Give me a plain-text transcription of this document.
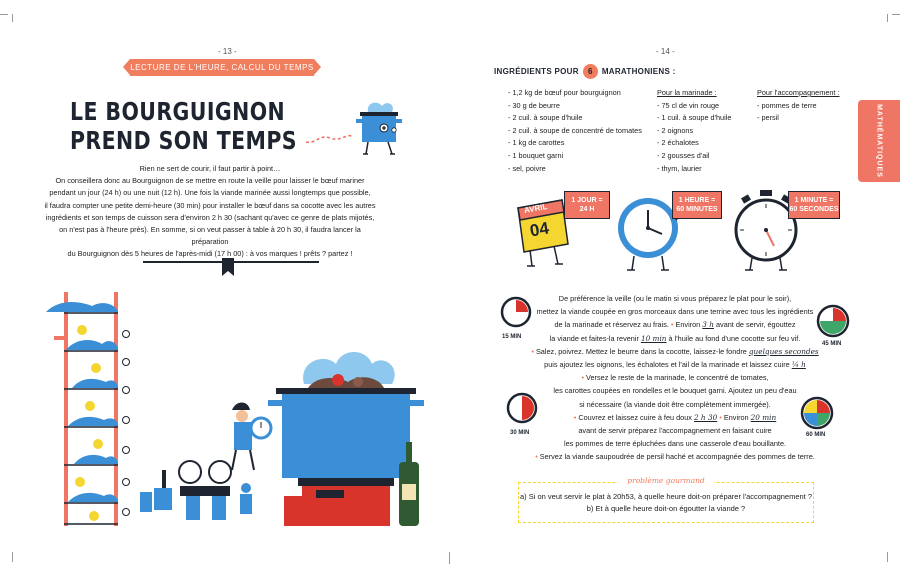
- 13 -
LECTURE DE L'HEURE, CALCUL DU TEMPS
LE BOURGUIGNON
PREND SON TEMPS
Rien ne sert de courir, il faut partir à point…
On conseillera donc au Bourguignon de se mettre en route la veille pour laisser le bœuf mariner
pendant un jour (24 h) ou une nuit (12 h). Une fois la viande marinée aussi longtemps que possible,
il faudra compter une petite demi-heure (30 min) pour installer le bœuf dans sa cocotte avec les autres
ingrédients et son temps de cuisson sera d'environ 2 h 30 (sachant qu'avec ce genre de plats mijotés,
on n'est pas à l'heure près). En somme, si on veut passer à table à 20 h 30, il faudra lancer la préparation
du Bourguignon dès 5 heures de l'après-midi (17 h 00) : à vos marques ! prêts ? partez !
- 14 -
INGRÉDIENTS POUR	6	MARATHONIENS :
- 1,2 kg de bœuf pour bourguignon
- 30 g de beurre
- 2 cuil. à soupe d'huile
- 2 cuil. à soupe de concentré de tomates
- 1 kg de carottes
- 1 bouquet garni
- sel, poivre
Pour la marinade :
- 75 cl de vin rouge
- 1 cuil. à soupe d'huile
- 2 oignons
- 2 échalotes
- 2 gousses d'ail
- thym, laurier
Pour l'accompagnement :
- pommes de terre
- persil	MATHÉMATIQUES
AVRIL
04
1 JOUR =
24 H
1 HEURE =
60 MINUTES
1 MINUTE =
60 SECONDES
15 MIN
45 MIN
30 MIN	60 MIN
De préférence la veille (ou le matin si vous préparez le plat pour le soir),
mettez la viande coupée en gros morceaux dans une terrine avec tous les ingrédients
de la marinade et réservez au frais. • Environ 3 h avant de servir, égouttez
la viande et faites-la revenir 10 min à l'huile au fond d'une cocotte sur feu vif.
• Salez, poivrez. Mettez le beurre dans la cocotte, laissez-le fondre quelques secondes
puis ajoutez les oignons, les échalotes et l'ail de la marinade et laissez cuire ¼ h
• Versez le reste de la marinade, le concentré de tomates,
les carottes coupées en rondelles et le bouquet garni. Ajoutez un peu d'eau
si nécessaire (la viande doit être complètement immergée).
• Couvrez et laissez cuire à feu doux 2 h 30 • Environ 20 min
avant de servir préparez l'accompagnement en faisant cuire
les pommes de terre épluchées dans une casserole d'eau bouillante.
• Servez la viande saupoudrée de persil haché et accompagnée des pommes de terre.
a) Si on veut servir le plat à 20h53, à quelle heure doit-on préparer l'accompagnement ?
b) Et à quelle heure doit-on égoutter la viande ?
problème gourmand
